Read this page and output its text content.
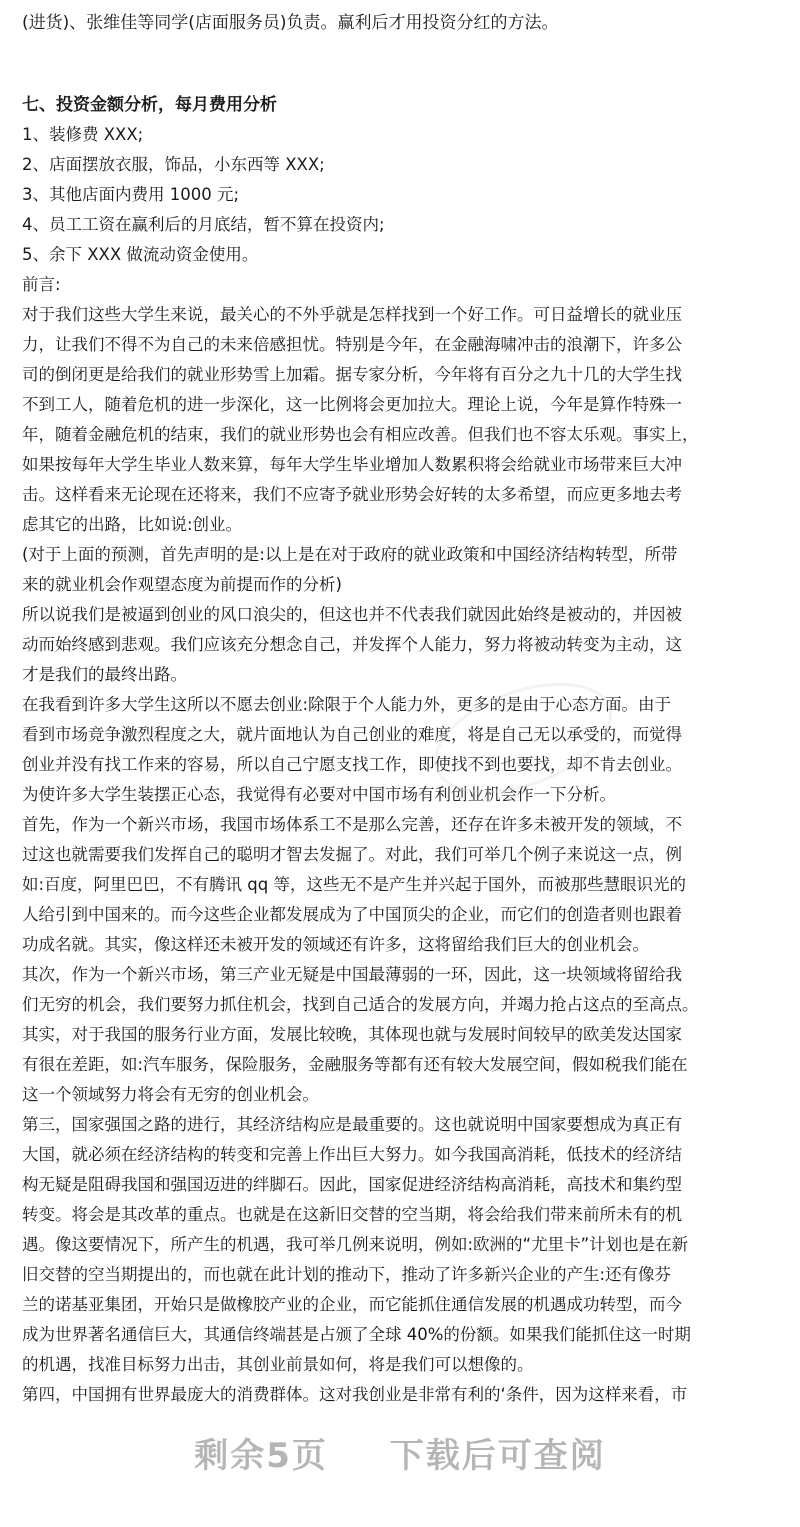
(进货)、张维佳等同学(店面服务员)负责。赢利后才用投资分红的方法。
七、投资金额分析，每月费用分析
1、装修费 XXX;
2、店面摆放衣服，饰品，小东西等 XXX;
3、其他店面内费用 1000 元;
4、员工工资在赢利后的月底结，暂不算在投资内;
5、余下 XXX 做流动资金使用。
前言:
对于我们这些大学生来说，最关心的不外乎就是怎样找到一个好工作。可日益增长的就业压
力，让我们不得不为自己的未来倍感担忧。特别是今年，在金融海啸冲击的浪潮下，许多公
司的倒闭更是给我们的就业形势雪上加霜。据专家分析，今年将有百分之九十几的大学生找
不到工人，随着危机的进一步深化，这一比例将会更加拉大。理论上说，今年是算作特殊一
年，随着金融危机的结束，我们的就业形势也会有相应改善。但我们也不容太乐观。事实上，
如果按每年大学生毕业人数来算，每年大学生毕业增加人数累积将会给就业市场带来巨大冲
击。这样看来无论现在还将来，我们不应寄予就业形势会好转的太多希望，而应更多地去考
虑其它的出路，比如说:创业。
(对于上面的预测，首先声明的是:以上是在对于政府的就业政策和中国经济结构转型，所带
来的就业机会作观望态度为前提而作的分析)
所以说我们是被逼到创业的风口浪尖的，但这也并不代表我们就因此始终是被动的，并因被
动而始终感到悲观。我们应该充分想念自己，并发挥个人能力，努力将被动转变为主动，这
才是我们的最终出路。
在我看到许多大学生这所以不愿去创业:除限于个人能力外，更多的是由于心态方面。由于
看到市场竞争激烈程度之大，就片面地认为自己创业的难度，将是自己无以承受的，而觉得
创业并没有找工作来的容易，所以自己宁愿支找工作，即使找不到也要找，却不肯去创业。
为使许多大学生装摆正心态，我觉得有必要对中国市场有利创业机会作一下分析。
首先，作为一个新兴市场，我国市场体系工不是那么完善，还存在许多未被开发的领域，不
过这也就需要我们发挥自己的聪明才智去发掘了。对此，我们可举几个例子来说这一点，例
如:百度，阿里巴巴，不有腾讯 qq 等，这些无不是产生并兴起于国外，而被那些慧眼识光的
人给引到中国来的。而今这些企业都发展成为了中国顶尖的企业，而它们的创造者则也跟着
功成名就。其实，像这样还未被开发的领域还有许多，这将留给我们巨大的创业机会。
其次，作为一个新兴市场，第三产业无疑是中国最薄弱的一环，因此，这一块领域将留给我
们无穷的机会，我们要努力抓住机会，找到自己适合的发展方向，并竭力抢占这点的至高点。
其实，对于我国的服务行业方面，发展比较晚，其体现也就与发展时间较早的欧美发达国家
有很在差距，如:汽车服务，保险服务，金融服务等都有还有较大发展空间，假如税我们能在
这一个领域努力将会有无穷的创业机会。
第三，国家强国之路的进行，其经济结构应是最重要的。这也就说明中国家要想成为真正有
大国，就必须在经济结构的转变和完善上作出巨大努力。如今我国高消耗，低技术的经济结
构无疑是阻碍我国和强国迈进的绊脚石。因此，国家促进经济结构高消耗，高技术和集约型
转变。将会是其改革的重点。也就是在这新旧交替的空当期，将会给我们带来前所未有的机
遇。像这要情况下，所产生的机遇，我可举几例来说明，例如:欧洲的“尤里卡”计划也是在新
旧交替的空当期提出的，而也就在此计划的推动下，推动了许多新兴企业的产生:还有像芬
兰的诺基亚集团，开始只是做橡胶产业的企业，而它能抓住通信发展的机遇成功转型，而今
成为世界著名通信巨大，其通信终端甚是占颁了全球 40%的份额。如果我们能抓住这一时期
的机遇，找准目标努力出击，其创业前景如何，将是我们可以想像的。
第四，中国拥有世界最庞大的消费群体。这对我创业是非常有利的‘条件，因为这样来看，市
剩余5页 下载后可查阅
